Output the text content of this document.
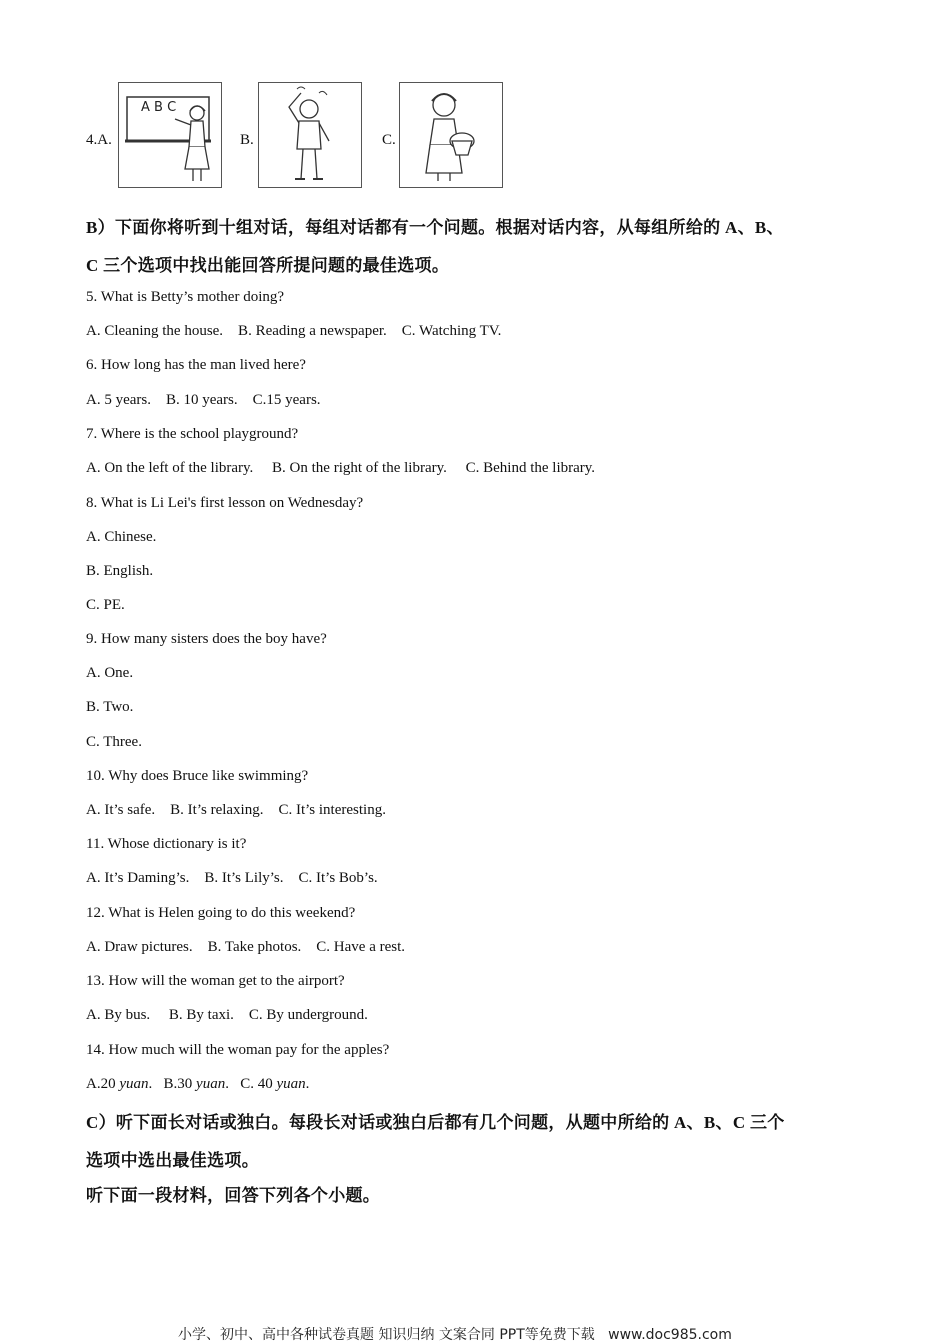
4.A.
A B C
B.	C.
B）下面你将听到十组对话，每组对话都有一个问题。根据对话内容，从每组所给的 A、B、
C 三个选项中找出能回答所提问题的最佳选项。
5. What is Betty’s mother doing?
A. Cleaning the house.    B. Reading a newspaper.    C. Watching TV.
6. How long has the man lived here?
A. 5 years.    B. 10 years.    C.15 years.
7. Where is the school playground?
A. On the left of the library.     B. On the right of the library.     C. Behind the library.
8. What is Li Lei's first lesson on Wednesday?
A. Chinese.
B. English.
C. PE.
9. How many sisters does the boy have?
A. One.
B. Two.
C. Three.
10. Why does Bruce like swimming?
A. It’s safe.    B. It’s relaxing.    C. It’s interesting.
11. Whose dictionary is it?
A. It’s Daming’s.    B. It’s Lily’s.    C. It’s Bob’s.
12. What is Helen going to do this weekend?
A. Draw pictures.    B. Take photos.    C. Have a rest.
13. How will the woman get to the airport?
A. By bus.     B. By taxi.    C. By underground.
14. How much will the woman pay for the apples?
A.20 yuan.   B.30 yuan.   C. 40 yuan.
C）听下面长对话或独白。每段长对话或独白后都有几个问题，从题中所给的 A、B、C 三个
选项中选出最佳选项。
听下面一段材料，回答下列各个小题。
小学、初中、高中各种试卷真题 知识归纳 文案合同 PPT等免费下载   www.doc985.com
